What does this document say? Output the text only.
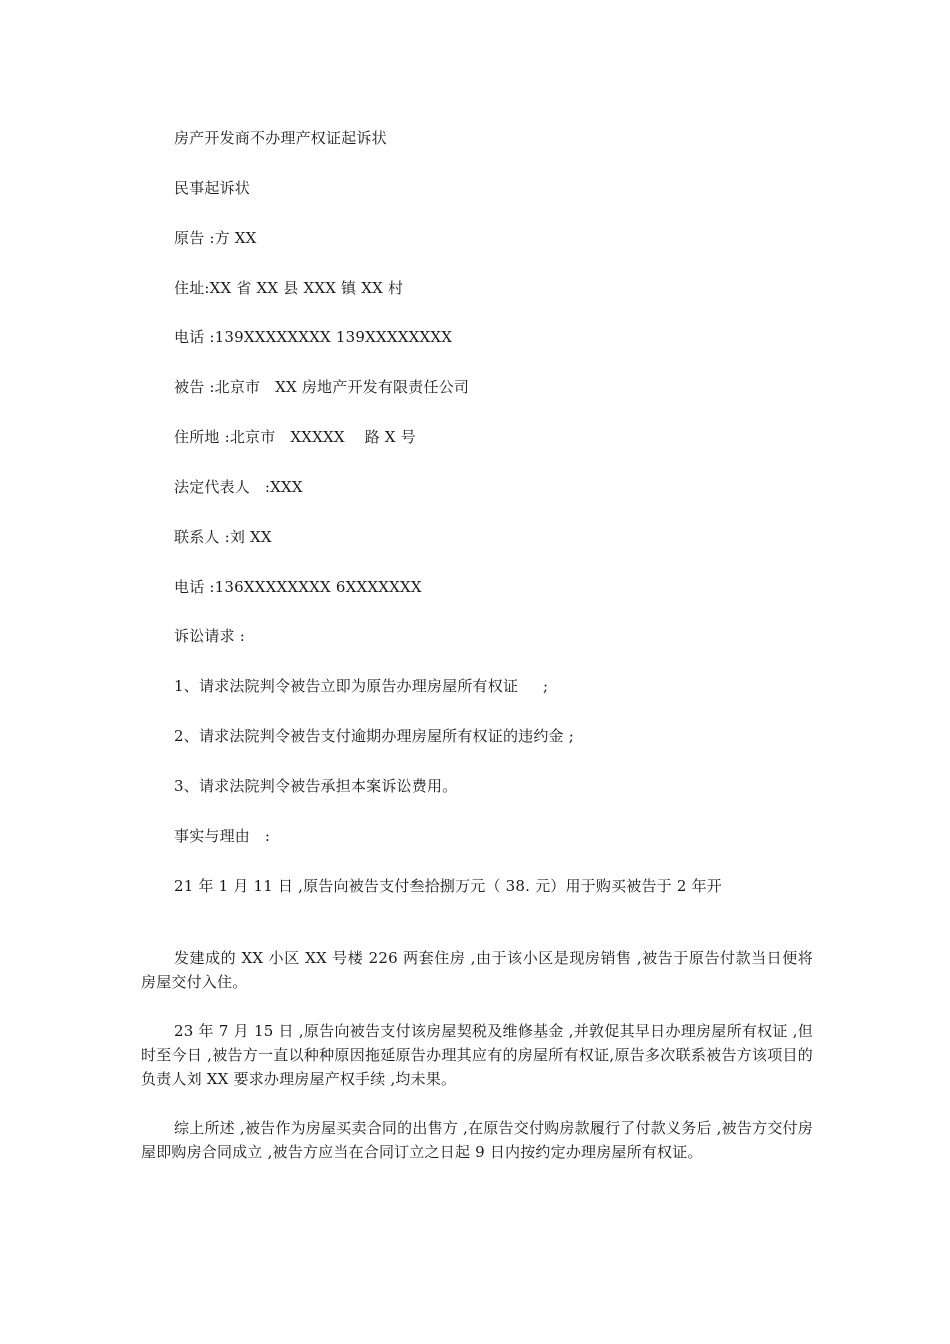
房产开发商不办理产权证起诉状
民事起诉状
原告 :方 XX
住址:XX 省 XX 县 XXX 镇 XX 村
电话 :139XXXXXXXX 139XXXXXXXX
被告 :北京市   XX 房地产开发有限责任公司
住所地 :北京市   XXXXX    路 X 号
法定代表人   :XXX
联系人 :刘 XX
电话 :136XXXXXXXX 6XXXXXXX
诉讼请求 :
1、请求法院判令被告立即为原告办理房屋所有权证     ;
2、请求法院判令被告支付逾期办理房屋所有权证的违约金 ;
3、请求法院判令被告承担本案诉讼费用。
事实与理由   :
21 年 1 月 11 日 ,原告向被告支付叁拾捌万元（ 38. 元）用于购买被告于 2 年开
发建成的 XX 小区 XX 号楼 226 两套住房 ,由于该小区是现房销售 ,被告于原告付款当日便将房屋交付入住。
23 年 7 月 15 日 ,原告向被告支付该房屋契税及维修基金 ,并敦促其早日办理房屋所有权证 ,但时至今日 ,被告方一直以种种原因拖延原告办理其应有的房屋所有权证,原告多次联系被告方该项目的负责人刘 XX 要求办理房屋产权手续 ,均未果。
综上所述 ,被告作为房屋买卖合同的出售方 ,在原告交付购房款履行了付款义务后 ,被告方交付房屋即购房合同成立 ,被告方应当在合同订立之日起 9 日内按约定办理房屋所有权证。
